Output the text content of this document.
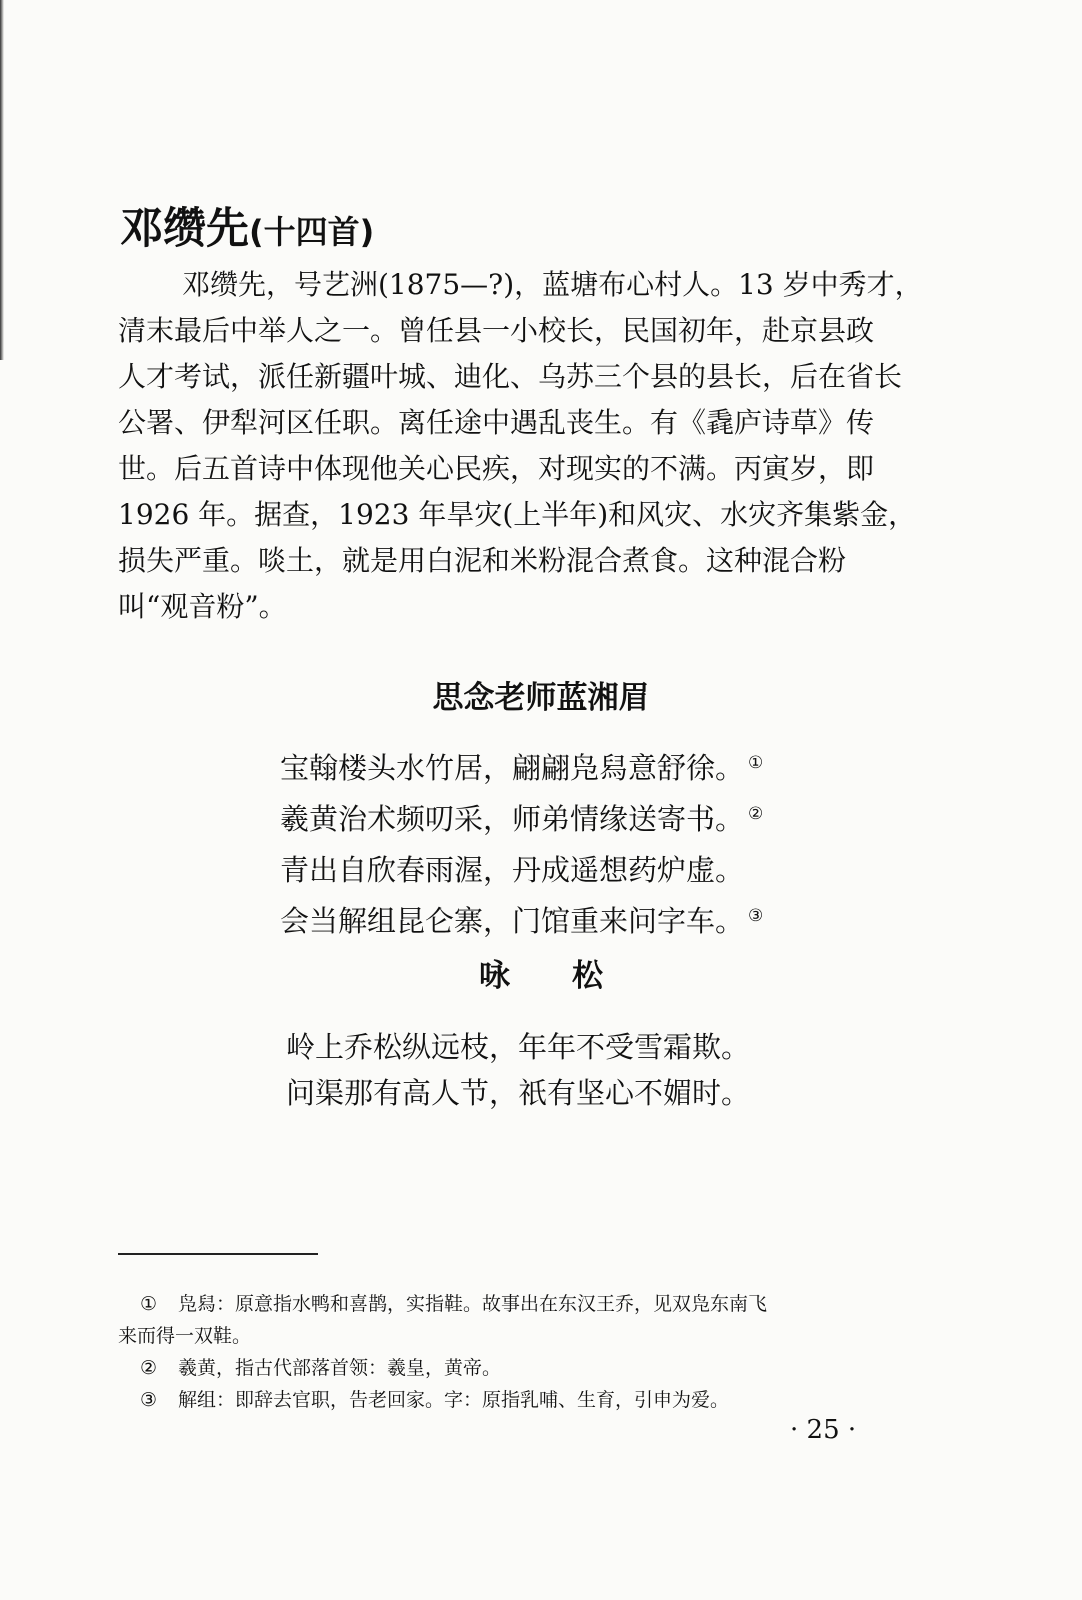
邓缵先(十四首)
邓缵先，号艺洲(1875—?)，蓝塘布心村人。13 岁中秀才，
清末最后中举人之一。曾任县一小校长，民国初年，赴京县政
人才考试，派任新疆叶城、迪化、乌苏三个县的县长，后在省长
公署、伊犁河区任职。离任途中遇乱丧生。有《毳庐诗草》传
世。后五首诗中体现他关心民疾，对现实的不满。丙寅岁，即
1926 年。据查，1923 年旱灾(上半年)和风灾、水灾齐集紫金，
损失严重。啖土，就是用白泥和米粉混合煮食。这种混合粉
叫“观音粉”。
思念老师蓝湘眉
宝翰楼头水竹居，翩翩凫舄意舒徐。 ①
羲黄治术频叨采，师弟情缘送寄书。 ②
青出自欣春雨渥，丹成遥想药炉虚。
会当解组昆仑寨，门馆重来问字车。 ③
咏松
岭上乔松纵远枝，年年不受雪霜欺。
问渠那有高人节，祇有坚心不媚时。
① 凫舄：原意指水鸭和喜鹊，实指鞋。故事出在东汉王乔，见双凫东南飞
来而得一双鞋。
② 羲黄，指古代部落首领：羲皇，黄帝。
③ 解组：即辞去官职，告老回家。字：原指乳哺、生育，引申为爱。
· 25 ·
